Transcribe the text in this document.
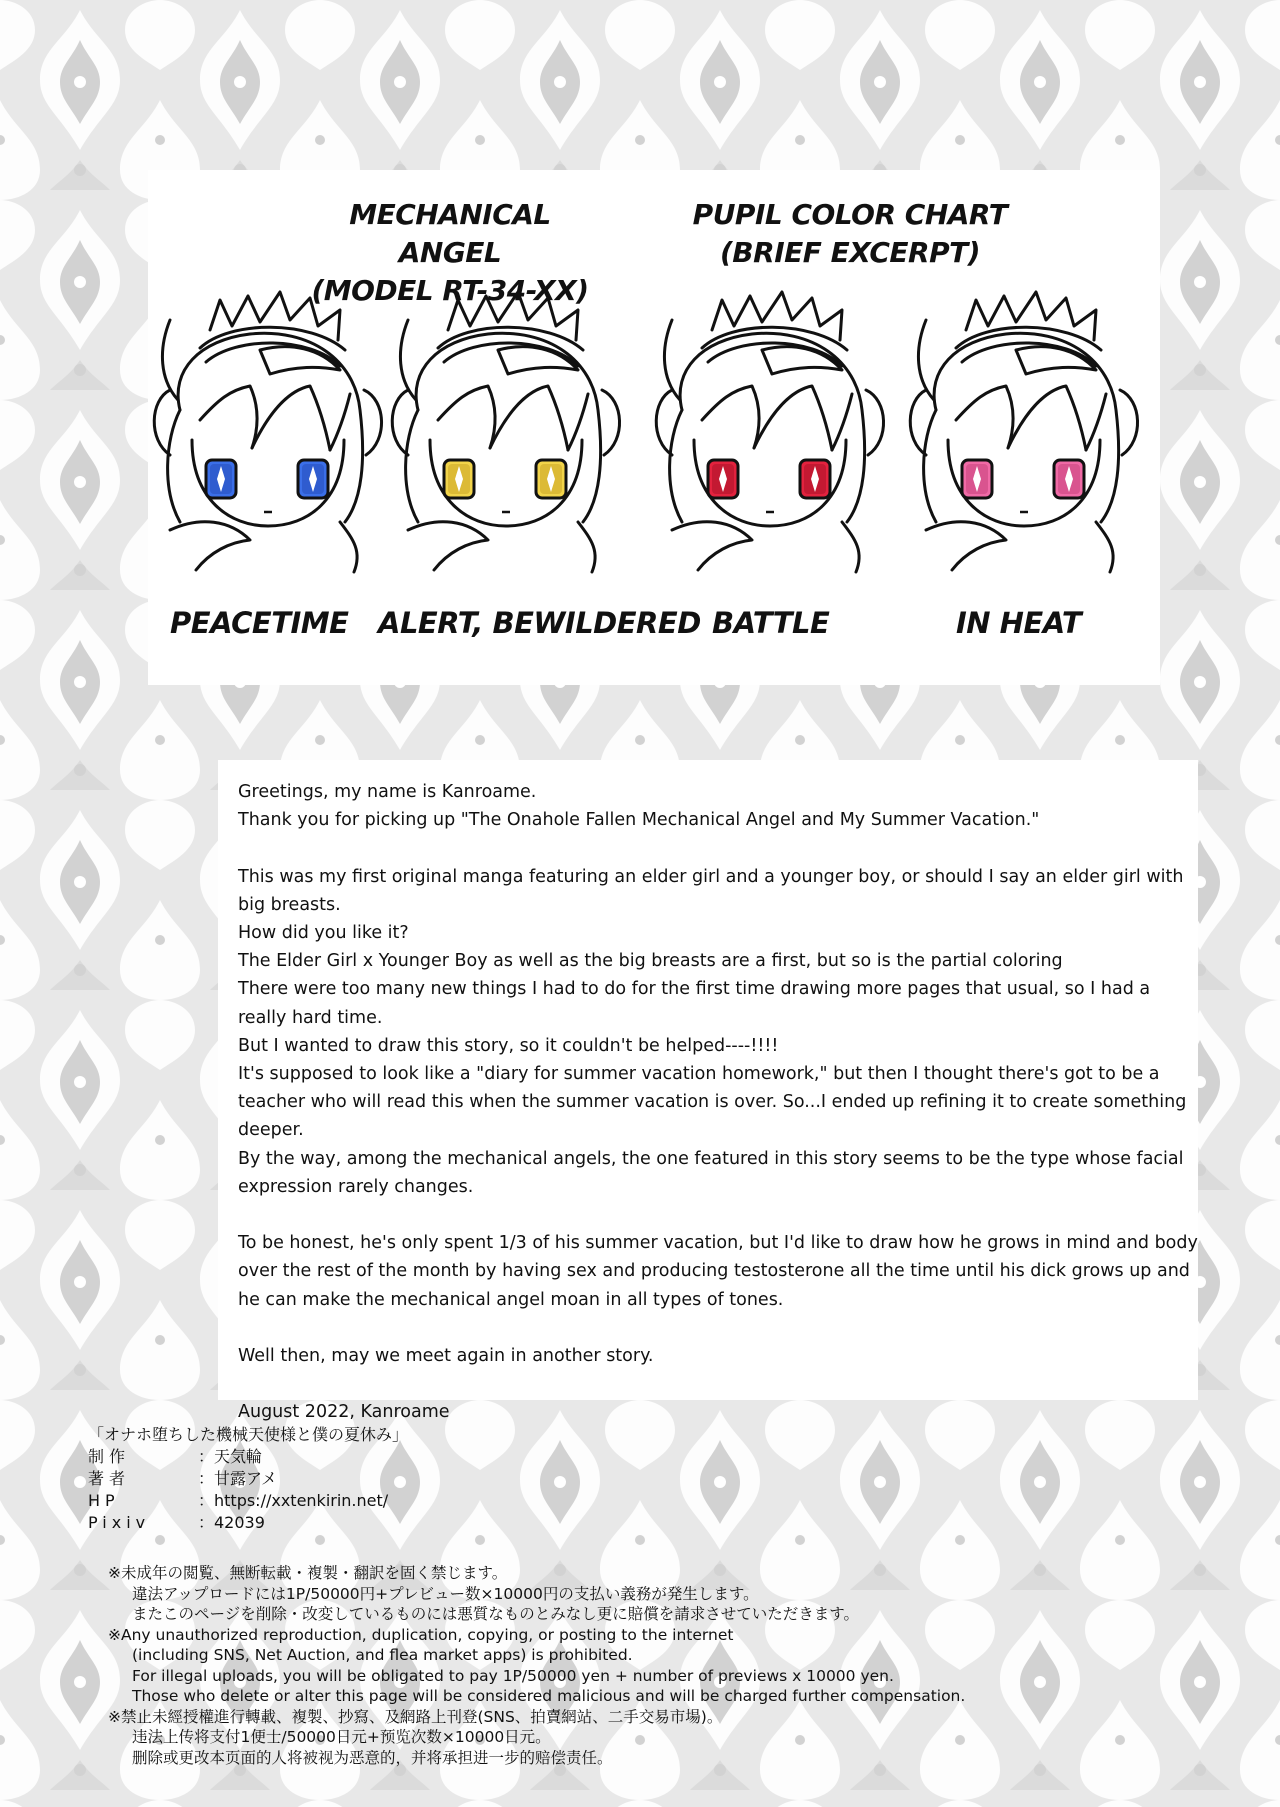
MECHANICAL ANGEL
(MODEL RT-34-XX)
PUPIL COLOR CHART
(BRIEF EXCERPT)
PEACETIME ALERT, BEWILDERED BATTLE	IN HEAT

Greetings, my name is Kanroame.

Thank you for picking up "The Onahole Fallen Mechanical Angel and My Summer Vacation."

This was my first original manga featuring an elder girl and a younger boy, or should I say an elder girl with big breasts.

How did you like it?

The Elder Girl x Younger Boy as well as the big breasts are a first, but so is the partial coloring

There were too many new things I had to do for the first time drawing more pages that usual, so I had a really hard time.

But I wanted to draw this story, so it couldn't be helped----!!!!

It's supposed to look like a "diary for summer vacation homework," but then I thought there's got to be a teacher who will read this when the summer vacation is over. So...I ended up refining it to create something deeper.

By the way, among the mechanical angels, the one featured in this story seems to be the type whose facial expression rarely changes.

To be honest, he's only spent 1/3 of his summer vacation, but I'd like to draw how he grows in mind and body over the rest of the month by having sex and producing testosterone all the time until his dick grows up and he can make the mechanical angel moan in all types of tones.

Well then, may we meet again in another story.

August 2022, Kanroame

「オナホ堕ちした機械天使様と僕の夏休み」
制作	：天気輪
著者	：甘露アメ
HP	：https://xxtenkirin.net/
Pixiv	：42039

※未成年の閲覧、無断転載・複製・翻訳を固く禁じます。

違法アップロードには1P/50000円+プレビュー数×10000円の支払い義務が発生します。

またこのページを削除・改変しているものには悪質なものとみなし更に賠償を請求させていただきます。

※Any unauthorized reproduction, duplication, copying, or posting to the internet

(including SNS, Net Auction, and flea market apps) is prohibited.

For illegal uploads, you will be obligated to pay 1P/50000 yen + number of previews x 10000 yen.

Those who delete or alter this page will be considered malicious and will be charged further compensation.

※禁止未經授權進行轉載、複製、抄寫、及網路上刊登(SNS、拍賣網站、二手交易市場)。

违法上传将支付1便士/50000日元+预览次数×10000日元。

删除或更改本页面的人将被视为恶意的，并将承担进一步的赔偿责任。
